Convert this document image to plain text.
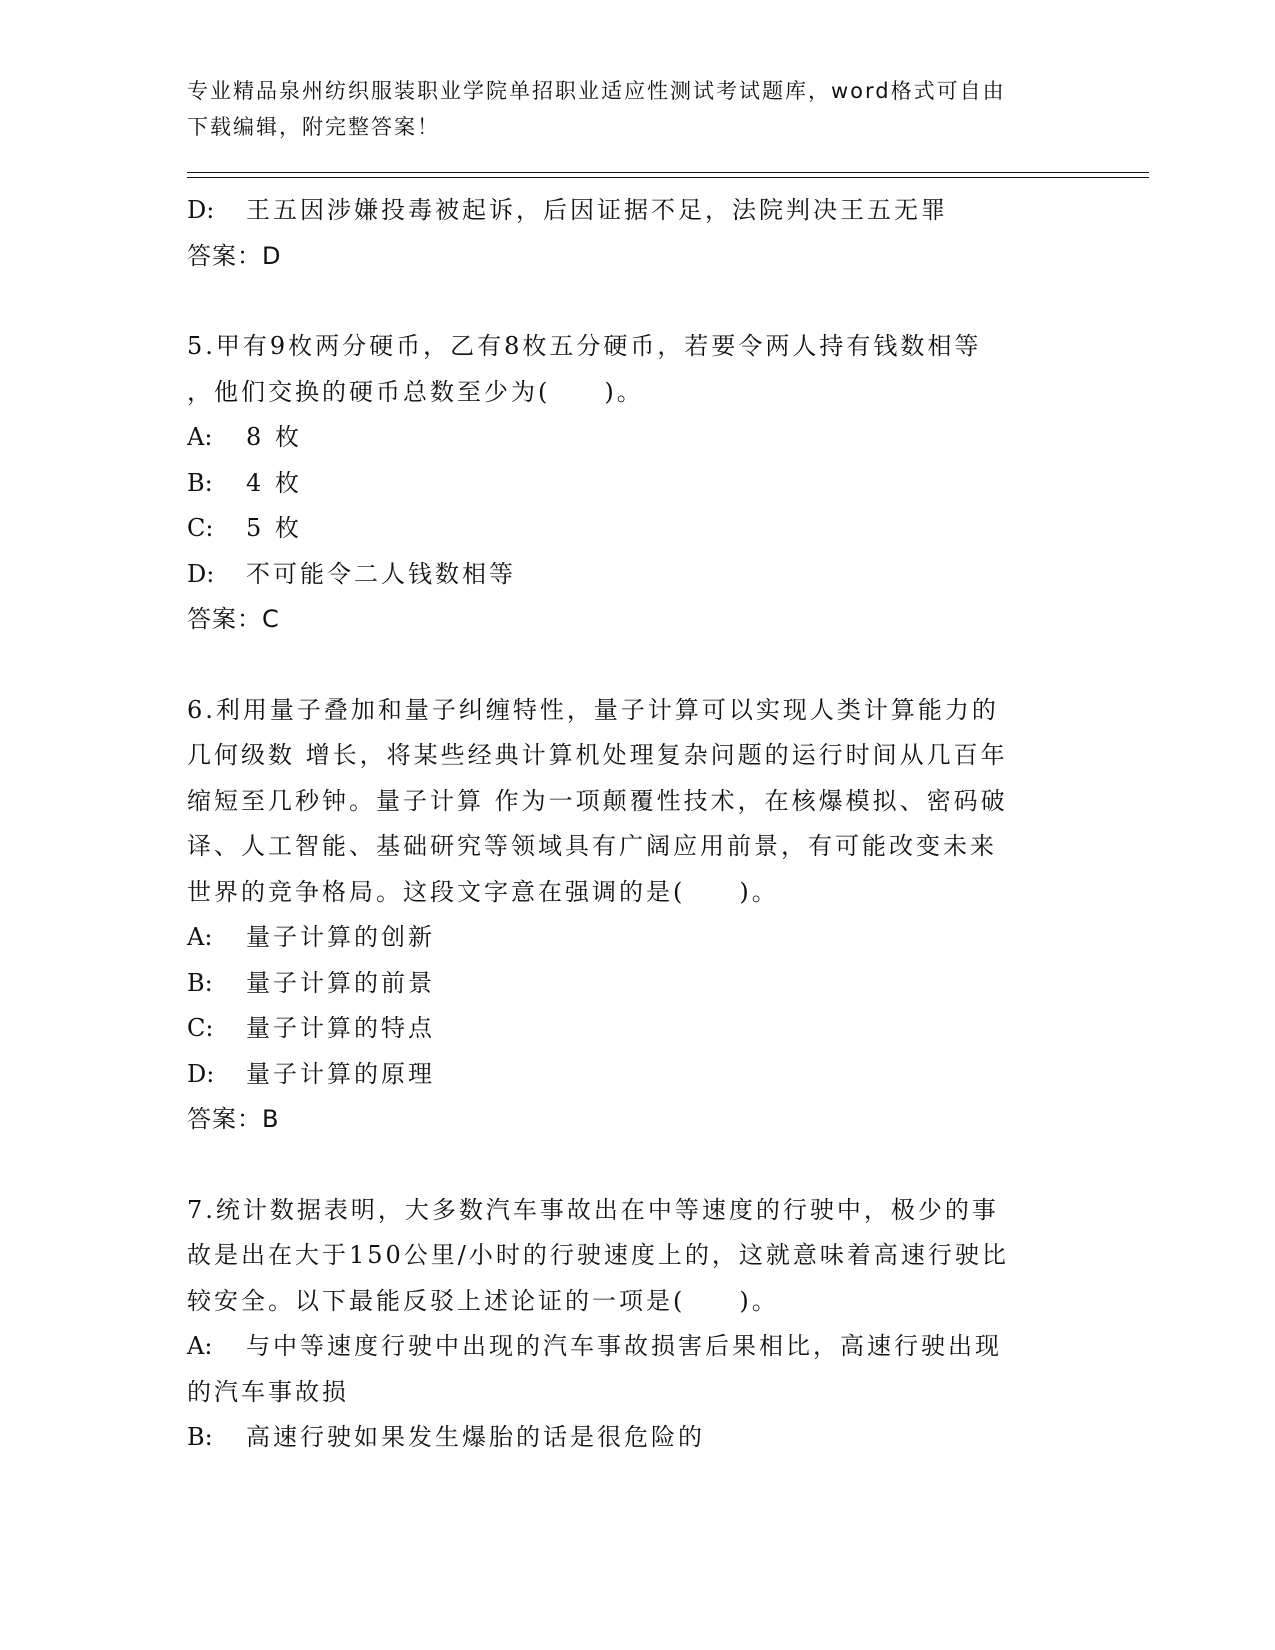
专业精品泉州纺织服装职业学院单招职业适应性测试考试题库，word格式可自由
下载编辑，附完整答案！
D: 王五因涉嫌投毒被起诉，后因证据不足，法院判决王五无罪
答案：D
5.甲有9枚两分硬币，乙有8枚五分硬币，若要令两人持有钱数相等
，他们交换的硬币总数至少为(　　)。
A: 8 枚
B: 4 枚
C: 5 枚
D: 不可能令二人钱数相等
答案：C
6.利用量子叠加和量子纠缠特性，量子计算可以实现人类计算能力的
几何级数 增长，将某些经典计算机处理复杂问题的运行时间从几百年
缩短至几秒钟。量子计算 作为一项颠覆性技术，在核爆模拟、密码破
译、人工智能、基础研究等领域具有广阔应用前景，有可能改变未来
世界的竞争格局。这段文字意在强调的是(　　)。
A: 量子计算的创新
B: 量子计算的前景
C: 量子计算的特点
D: 量子计算的原理
答案：B
7.统计数据表明，大多数汽车事故出在中等速度的行驶中，极少的事
故是出在大于150公里/小时的行驶速度上的，这就意味着高速行驶比
较安全。以下最能反驳上述论证的一项是(　　)。
A: 与中等速度行驶中出现的汽车事故损害后果相比，高速行驶出现
的汽车事故损
B: 高速行驶如果发生爆胎的话是很危险的
